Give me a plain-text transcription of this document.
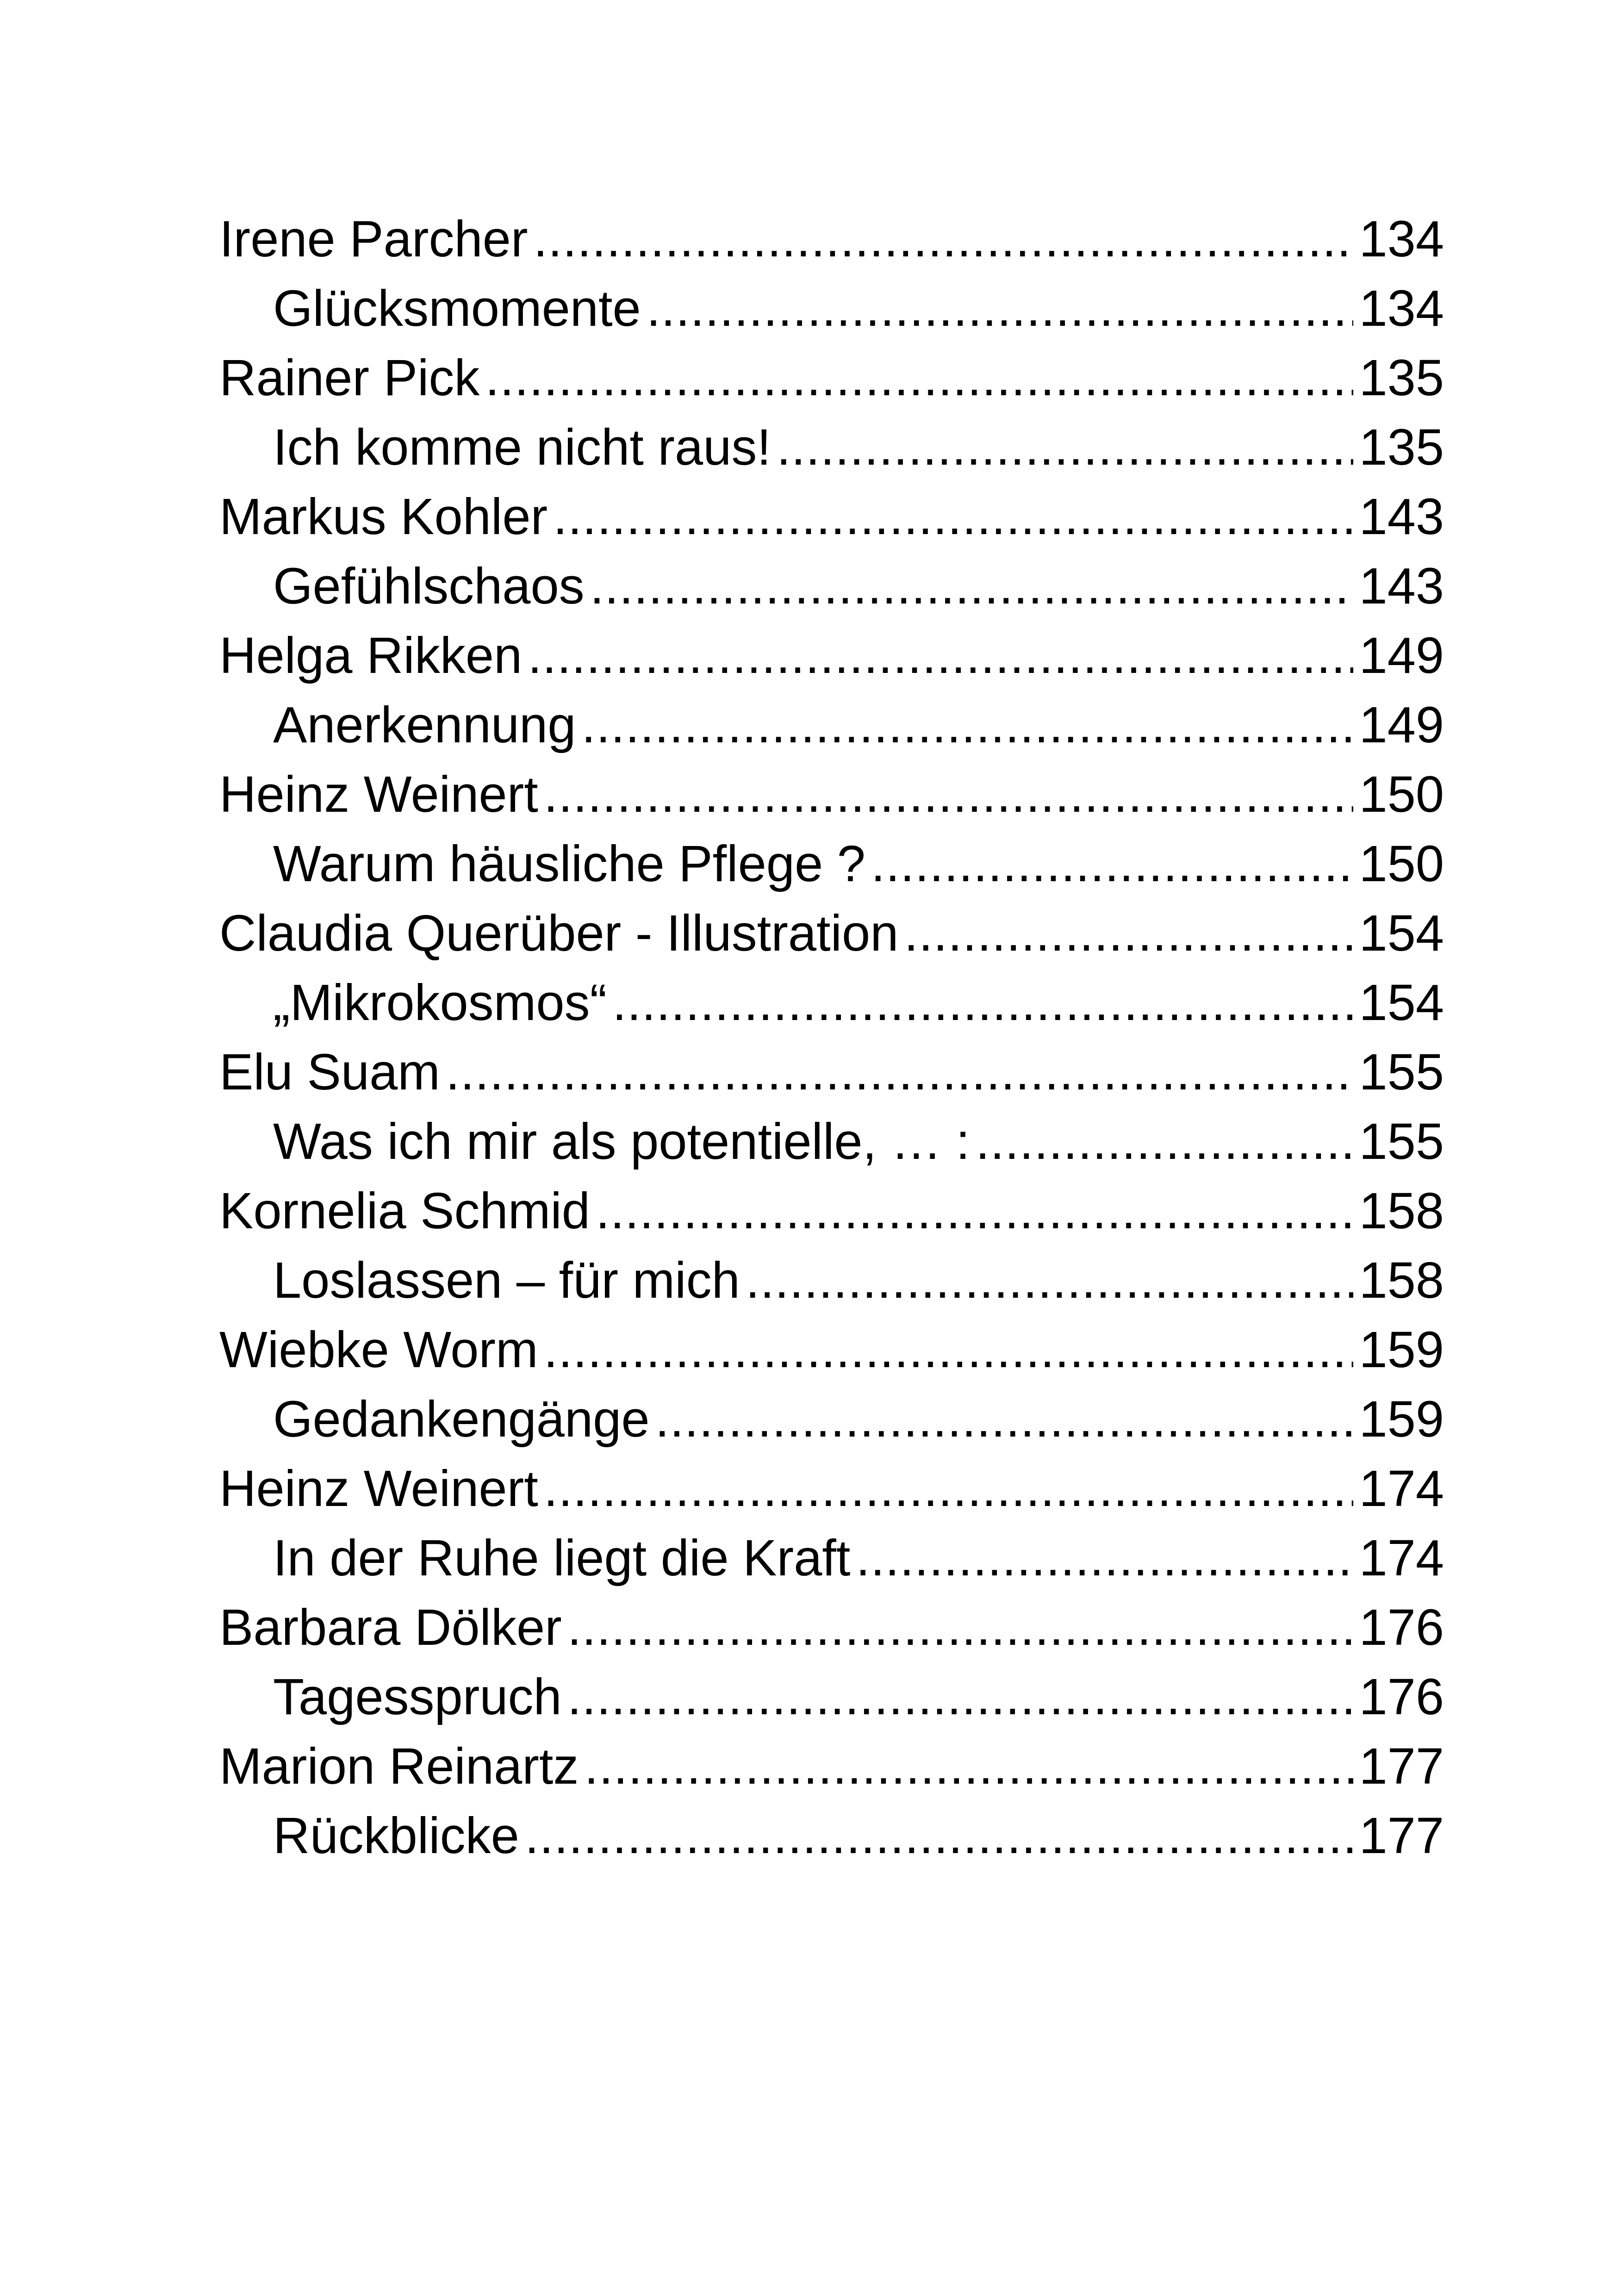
Irene Parcher .....	134
Glücksmomente .....	134
Rainer Pick .....	135
Ich komme nicht raus! .....	135
Markus Kohler .....	143
Gefühlschaos .....	143
Helga Rikken .....	149
Anerkennung .....	149
Heinz Weinert .....	150
Warum häusliche Pflege ? .....	150
Claudia Querüber - Illustration .....	154
„Mikrokosmos“ .....	154
Elu Suam .....	155
Was ich mir als potentielle, … : .....	155
Kornelia Schmid .....	158
Loslassen – für mich .....	158
Wiebke Worm .....	159
Gedankengänge .....	159
Heinz Weinert .....	174
In der Ruhe liegt die Kraft .....	174
Barbara Dölker .....	176
Tagesspruch .....	176
Marion Reinartz .....	177
Rückblicke .....	177
